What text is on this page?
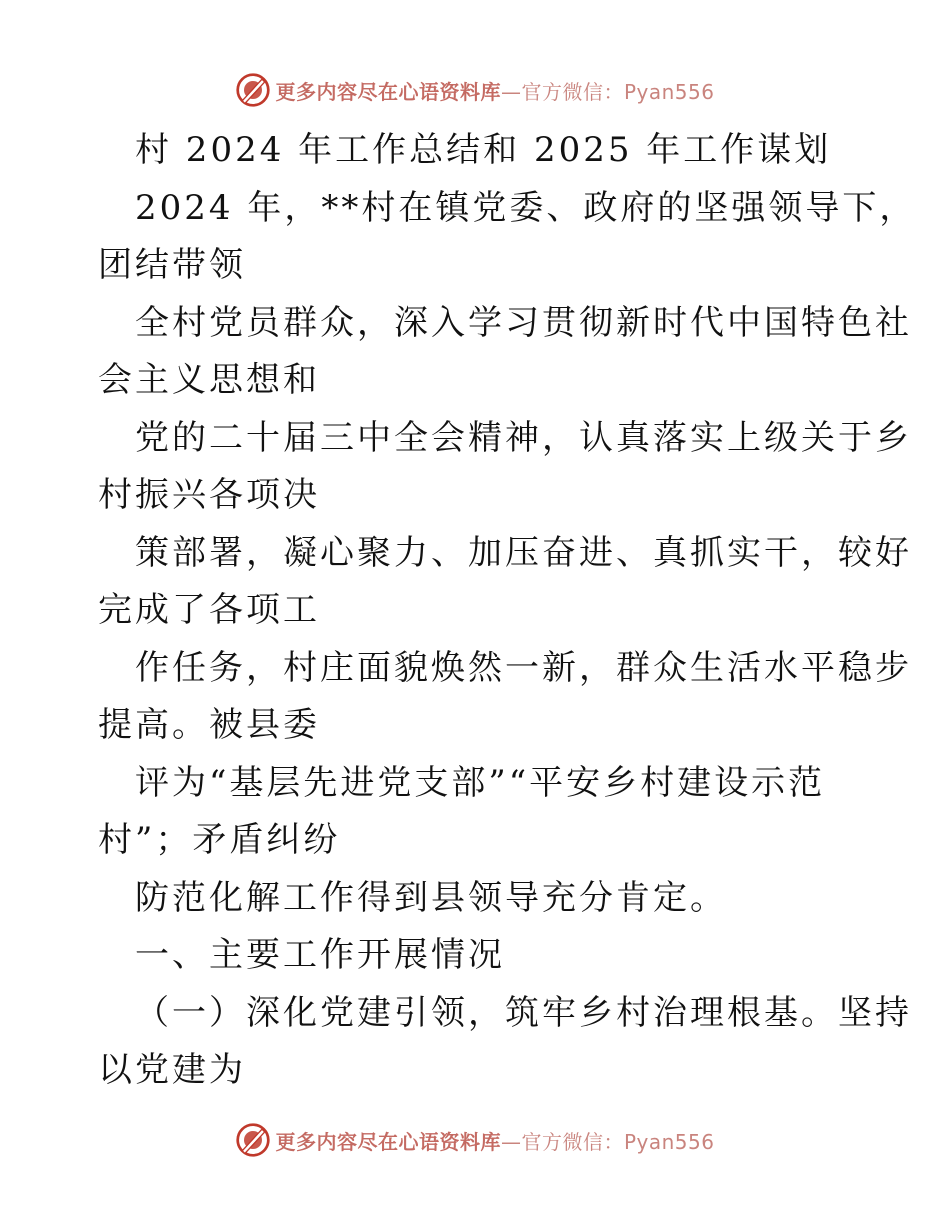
更多内容尽在心语资料库—官方微信：Pyan556
村 2024 年工作总结和 2025 年工作谋划
2024 年，**村在镇党委、政府的坚强领导下，
团结带领
全村党员群众，深入学习贯彻新时代中国特色社
会主义思想和
党的二十届三中全会精神，认真落实上级关于乡
村振兴各项决
策部署，凝心聚力、加压奋进、真抓实干，较好
完成了各项工
作任务，村庄面貌焕然一新，群众生活水平稳步
提高。被县委
评为“基层先进党支部”“平安乡村建设示范
村”；矛盾纠纷
防范化解工作得到县领导充分肯定。
一、主要工作开展情况
（一）深化党建引领，筑牢乡村治理根基。坚持
以党建为
更多内容尽在心语资料库—官方微信：Pyan556
